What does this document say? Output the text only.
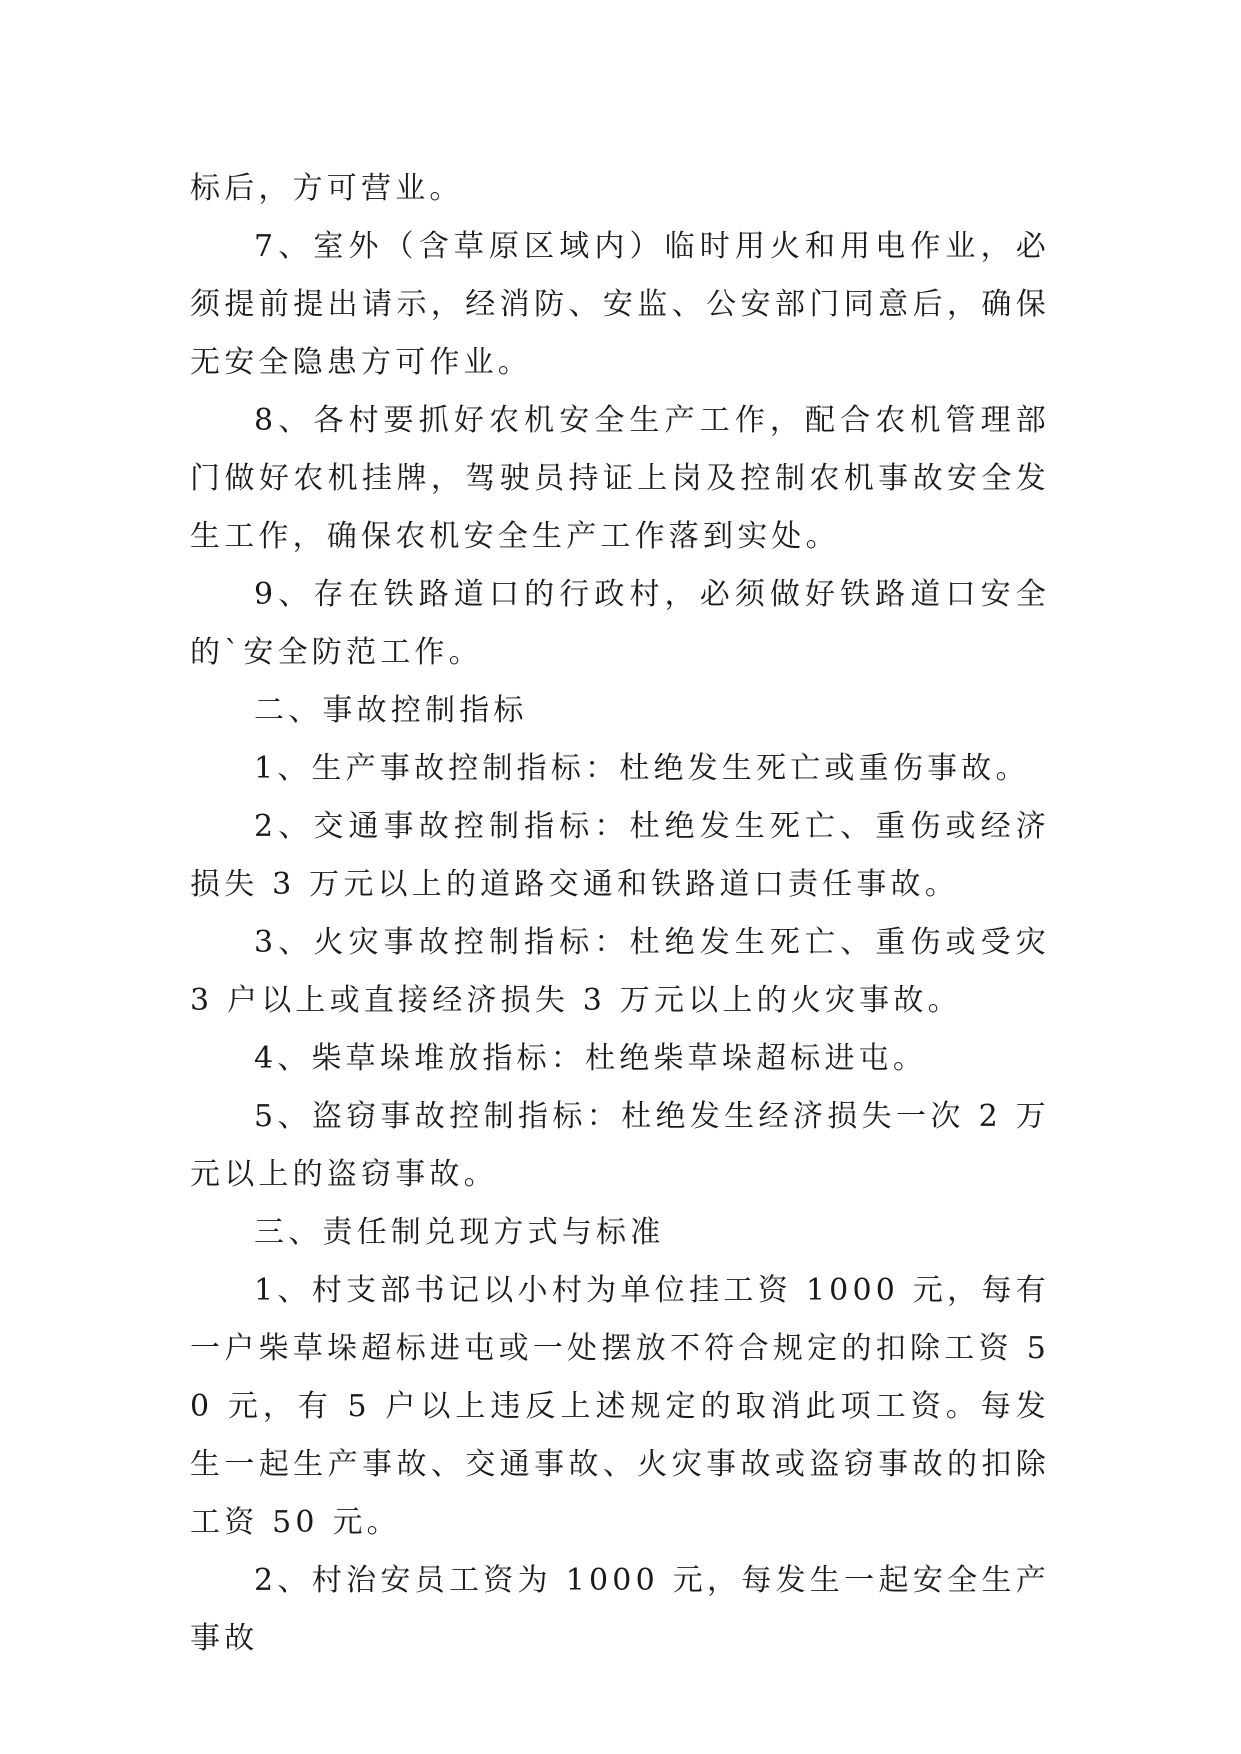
标后，方可营业。

7、室外（含草原区域内）临时用火和用电作业，必须提前提出请示，经消防、安监、公安部门同意后，确保无安全隐患方可作业。

8、各村要抓好农机安全生产工作，配合农机管理部门做好农机挂牌，驾驶员持证上岗及控制农机事故安全发生工作，确保农机安全生产工作落到实处。

9、存在铁路道口的行政村，必须做好铁路道口安全的`安全防范工作。

二、事故控制指标

1、生产事故控制指标：杜绝发生死亡或重伤事故。

2、交通事故控制指标：杜绝发生死亡、重伤或经济损失 3 万元以上的道路交通和铁路道口责任事故。

3、火灾事故控制指标：杜绝发生死亡、重伤或受灾 3 户以上或直接经济损失 3 万元以上的火灾事故。

4、柴草垛堆放指标：杜绝柴草垛超标进屯。

5、盗窃事故控制指标：杜绝发生经济损失一次 2 万元以上的盗窃事故。

三、责任制兑现方式与标准

1、村支部书记以小村为单位挂工资 1000 元，每有一户柴草垛超标进屯或一处摆放不符合规定的扣除工资 50 元，有 5 户以上违反上述规定的取消此项工资。每发生一起生产事故、交通事故、火灾事故或盗窃事故的扣除工资 50 元。

2、村治安员工资为 1000 元，每发生一起安全生产事故
